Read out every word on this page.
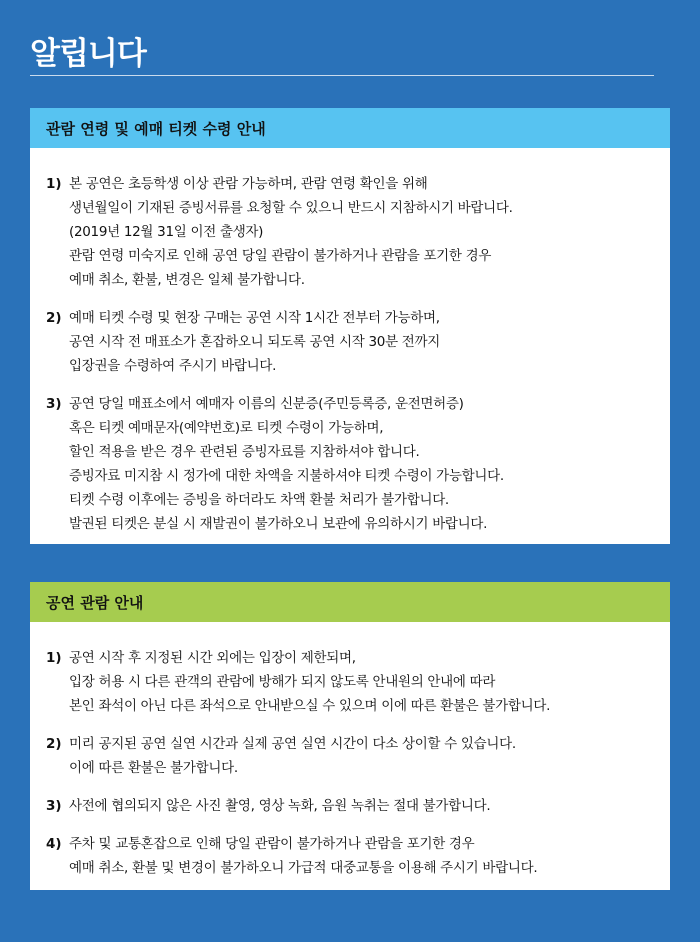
알립니다
관람 연령 및 예매 티켓 수령 안내
1) 본 공연은 초등학생 이상 관람 가능하며, 관람 연령 확인을 위해
생년월일이 기재된 증빙서류를 요청할 수 있으니 반드시 지참하시기 바랍니다.
(2019년 12월 31일 이전 출생자)
관람 연령 미숙지로 인해 공연 당일 관람이 불가하거나 관람을 포기한 경우
예매 취소, 환불, 변경은 일체 불가합니다.
2) 예매 티켓 수령 및 현장 구매는 공연 시작 1시간 전부터 가능하며,
공연 시작 전 매표소가 혼잡하오니 되도록 공연 시작 30분 전까지
입장권을 수령하여 주시기 바랍니다.
3) 공연 당일 매표소에서 예매자 이름의 신분증(주민등록증, 운전면허증)
혹은 티켓 예매문자(예약번호)로 티켓 수령이 가능하며,
할인 적용을 받은 경우 관련된 증빙자료를 지참하셔야 합니다.
증빙자료 미지참 시 정가에 대한 차액을 지불하셔야 티켓 수령이 가능합니다.
티켓 수령 이후에는 증빙을 하더라도 차액 환불 처리가 불가합니다.
발권된 티켓은 분실 시 재발권이 불가하오니 보관에 유의하시기 바랍니다.
공연 관람 안내
1) 공연 시작 후 지정된 시간 외에는 입장이 제한되며,
입장 허용 시 다른 관객의 관람에 방해가 되지 않도록 안내원의 안내에 따라
본인 좌석이 아닌 다른 좌석으로 안내받으실 수 있으며 이에 따른 환불은 불가합니다.
2) 미리 공지된 공연 실연 시간과 실제 공연 실연 시간이 다소 상이할 수 있습니다.
이에 따른 환불은 불가합니다.
3) 사전에 협의되지 않은 사진 촬영, 영상 녹화, 음원 녹취는 절대 불가합니다.
4) 주차 및 교통혼잡으로 인해 당일 관람이 불가하거나 관람을 포기한 경우
예매 취소, 환불 및 변경이 불가하오니 가급적 대중교통을 이용해 주시기 바랍니다.
